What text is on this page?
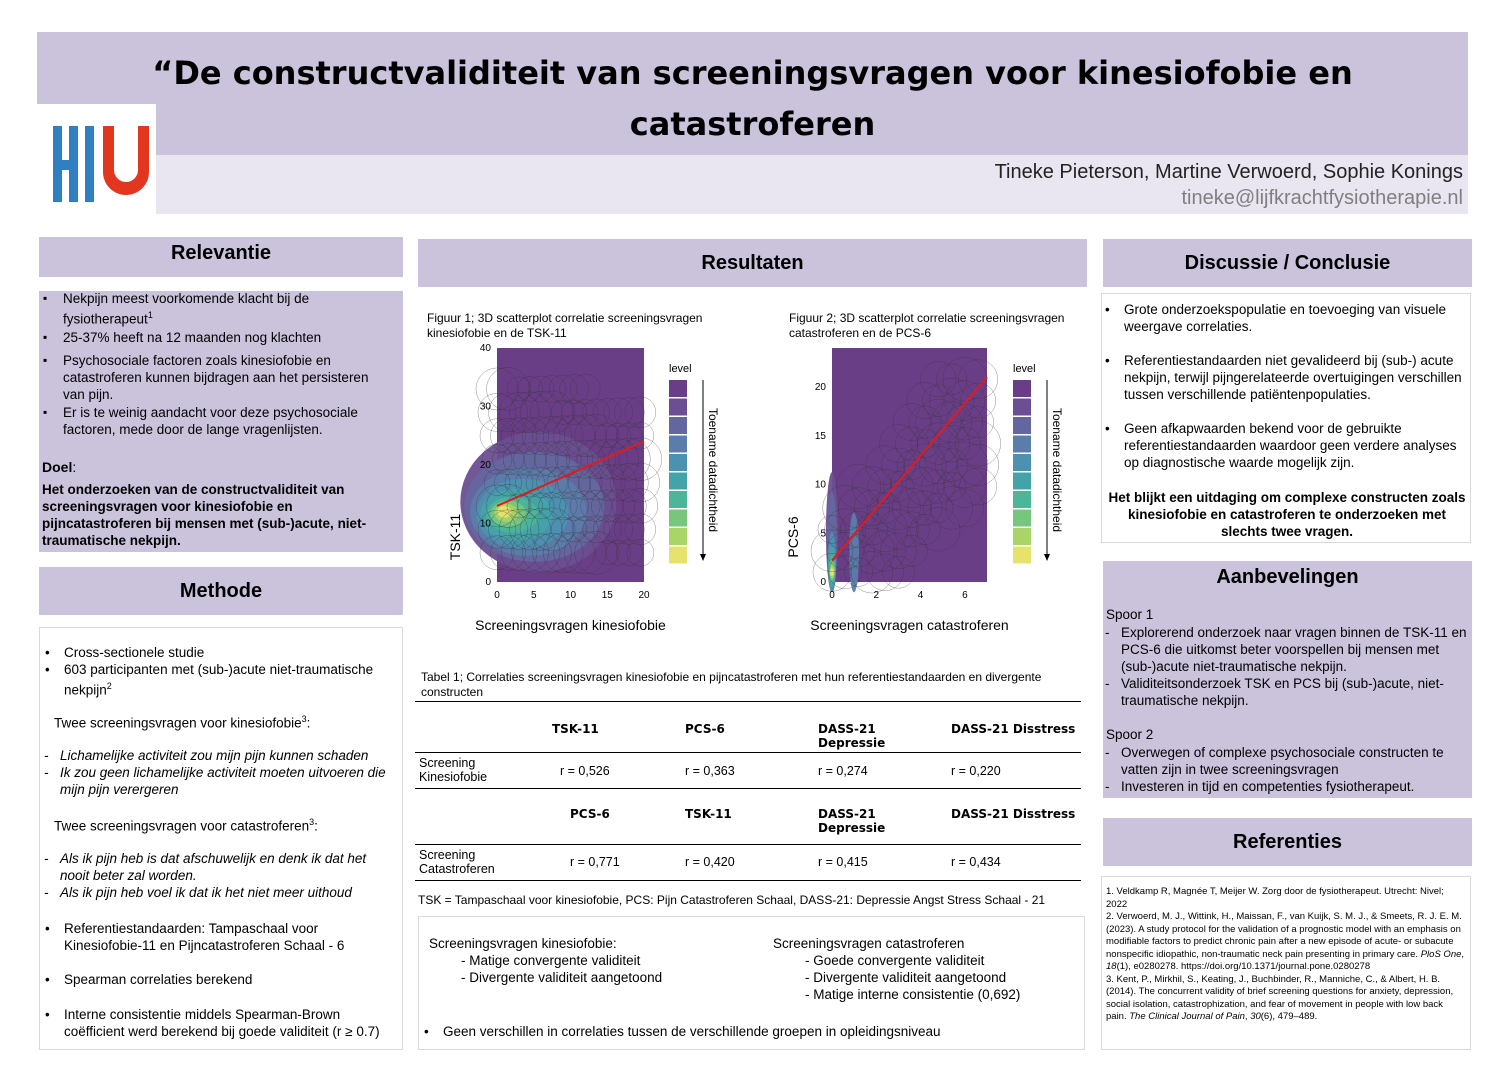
“De constructvaliditeit van screeningsvragen voor kinesiofobie en catastroferen
Tineke Pieterson, Martine Verwoerd, Sophie Konings
tineke@lijfkrachtfysiotherapie.nl
Relevantie
▪ Nekpijn meest voorkomende klacht bij de fysiotherapeut$^1$
▪ 25-37% heeft na 12 maanden nog klachten
▪ Psychosociale factoren zoals kinesiofobie en catastroferen kunnen bijdragen aan het persisteren van pijn.
▪ Er is te weinig aandacht voor deze psychosociale factoren, mede door de lange vragenlijsten.
Doel:
Het onderzoeken van de constructvaliditeit van screeningsvragen voor kinesiofobie en pijncatastroferen bij mensen met (sub-)acute, niet-traumatische nekpijn.
Methode
• Cross-sectionele studie
• 603 participanten met (sub-)acute niet-traumatische nekpijn$^2$
Twee screeningsvragen voor kinesiofobie$^3$:
- Lichamelijke activiteit zou mijn pijn kunnen schaden
- Ik zou geen lichamelijke activiteit moeten uitvoeren die mijn pijn verergeren
Twee screeningsvragen voor catastroferen$^3$:
- Als ik pijn heb is dat afschuwelijk en denk ik dat het nooit beter zal worden.
- Als ik pijn heb voel ik dat ik het niet meer uithoud
• Referentiestandaarden: Tampaschaal voor Kinesiofobie-11 en Pijncatastroferen Schaal - 6
• Spearman correlaties berekend
• Interne consistentie middels Spearman-Brown coëfficient werd berekend bij goede validiteit (r ≥ 0.7)
Resultaten
Figuur 1; 3D scatterplot correlatie screeningsvragen kinesiofobie en de TSK-11
Figuur 2; 3D scatterplot correlatie screeningsvragen catastroferen en de PCS-6
0	5	10	15	20
0
10
20
30
40
Screeningsvragen kinesiofobie
TSK-11
level
Toename datadichtheid
0	2	4	6
0
5
10
15
20
Screeningsvragen catastroferen
PCS-6
level
Toename datadichtheid
Tabel 1; Correlaties screeningsvragen kinesiofobie en pijncatastroferen met hun referentiestandaarden en divergente constructen
	TSK-11	PCS-6	DASS-21 Depressie	DASS-21 Disstress
Screening Kinesiofobie	r = 0,526	r = 0,363	r = 0,274	r = 0,220
	PCS-6	TSK-11	DASS-21 Depressie	DASS-21 Disstress
Screening Catastroferen	r = 0,771	r = 0,420	r = 0,415	r = 0,434
TSK = Tampaschaal voor kinesiofobie, PCS: Pijn Catastroferen Schaal, DASS-21: Depressie Angst Stress Schaal - 21
Screeningsvragen kinesiofobie:
- Matige convergente validiteit
- Divergente validiteit aangetoond
Screeningsvragen catastroferen
- Goede convergente validiteit
- Divergente validiteit aangetoond
- Matige interne consistentie (0,692)
• Geen verschillen in correlaties tussen de verschillende groepen in opleidingsniveau
Discussie / Conclusie
• Grote onderzoekspopulatie en toevoeging van visuele weergave correlaties.
• Referentiestandaarden niet gevalideerd bij (sub-) acute nekpijn, terwijl pijngerelateerde overtuigingen verschillen tussen verschillende patiëntenpopulaties.
• Geen afkapwaarden bekend voor de gebruikte referentiestandaarden waardoor geen verdere analyses op diagnostische waarde mogelijk zijn.
Het blijkt een uitdaging om complexe constructen zoals kinesiofobie en catastroferen te onderzoeken met slechts twee vragen.
Aanbevelingen
Spoor 1
- Explorerend onderzoek naar vragen binnen de TSK-11 en PCS-6 die uitkomst beter voorspellen bij mensen met (sub-)acute niet-traumatische nekpijn.
- Validiteitsonderzoek TSK en PCS bij (sub-)acute, niet-traumatische nekpijn.
Spoor 2
- Overwegen of complexe psychosociale constructen te vatten zijn in twee screeningsvragen
- Investeren in tijd en competenties fysiotherapeut.
Referenties
1. Veldkamp R, Magnée T, Meijer W. Zorg door de fysiotherapeut. Utrecht: Nivel; 2022
2. Verwoerd, M. J., Wittink, H., Maissan, F., van Kuijk, S. M. J., & Smeets, R. J. E. M. (2023). A study protocol for the validation of a prognostic model with an emphasis on modifiable factors to predict chronic pain after a new episode of acute- or subacute nonspecific idiopathic, non-traumatic neck pain presenting in primary care. PloS One, 18(1), e0280278. https://doi.org/10.1371/journal.pone.0280278
3. Kent, P., Mirkhil, S., Keating, J., Buchbinder, R., Manniche, C., & Albert, H. B. (2014). The concurrent validity of brief screening questions for anxiety, depression, social isolation, catastrophization, and fear of movement in people with low back pain. The Clinical Journal of Pain, 30(6), 479–489.
